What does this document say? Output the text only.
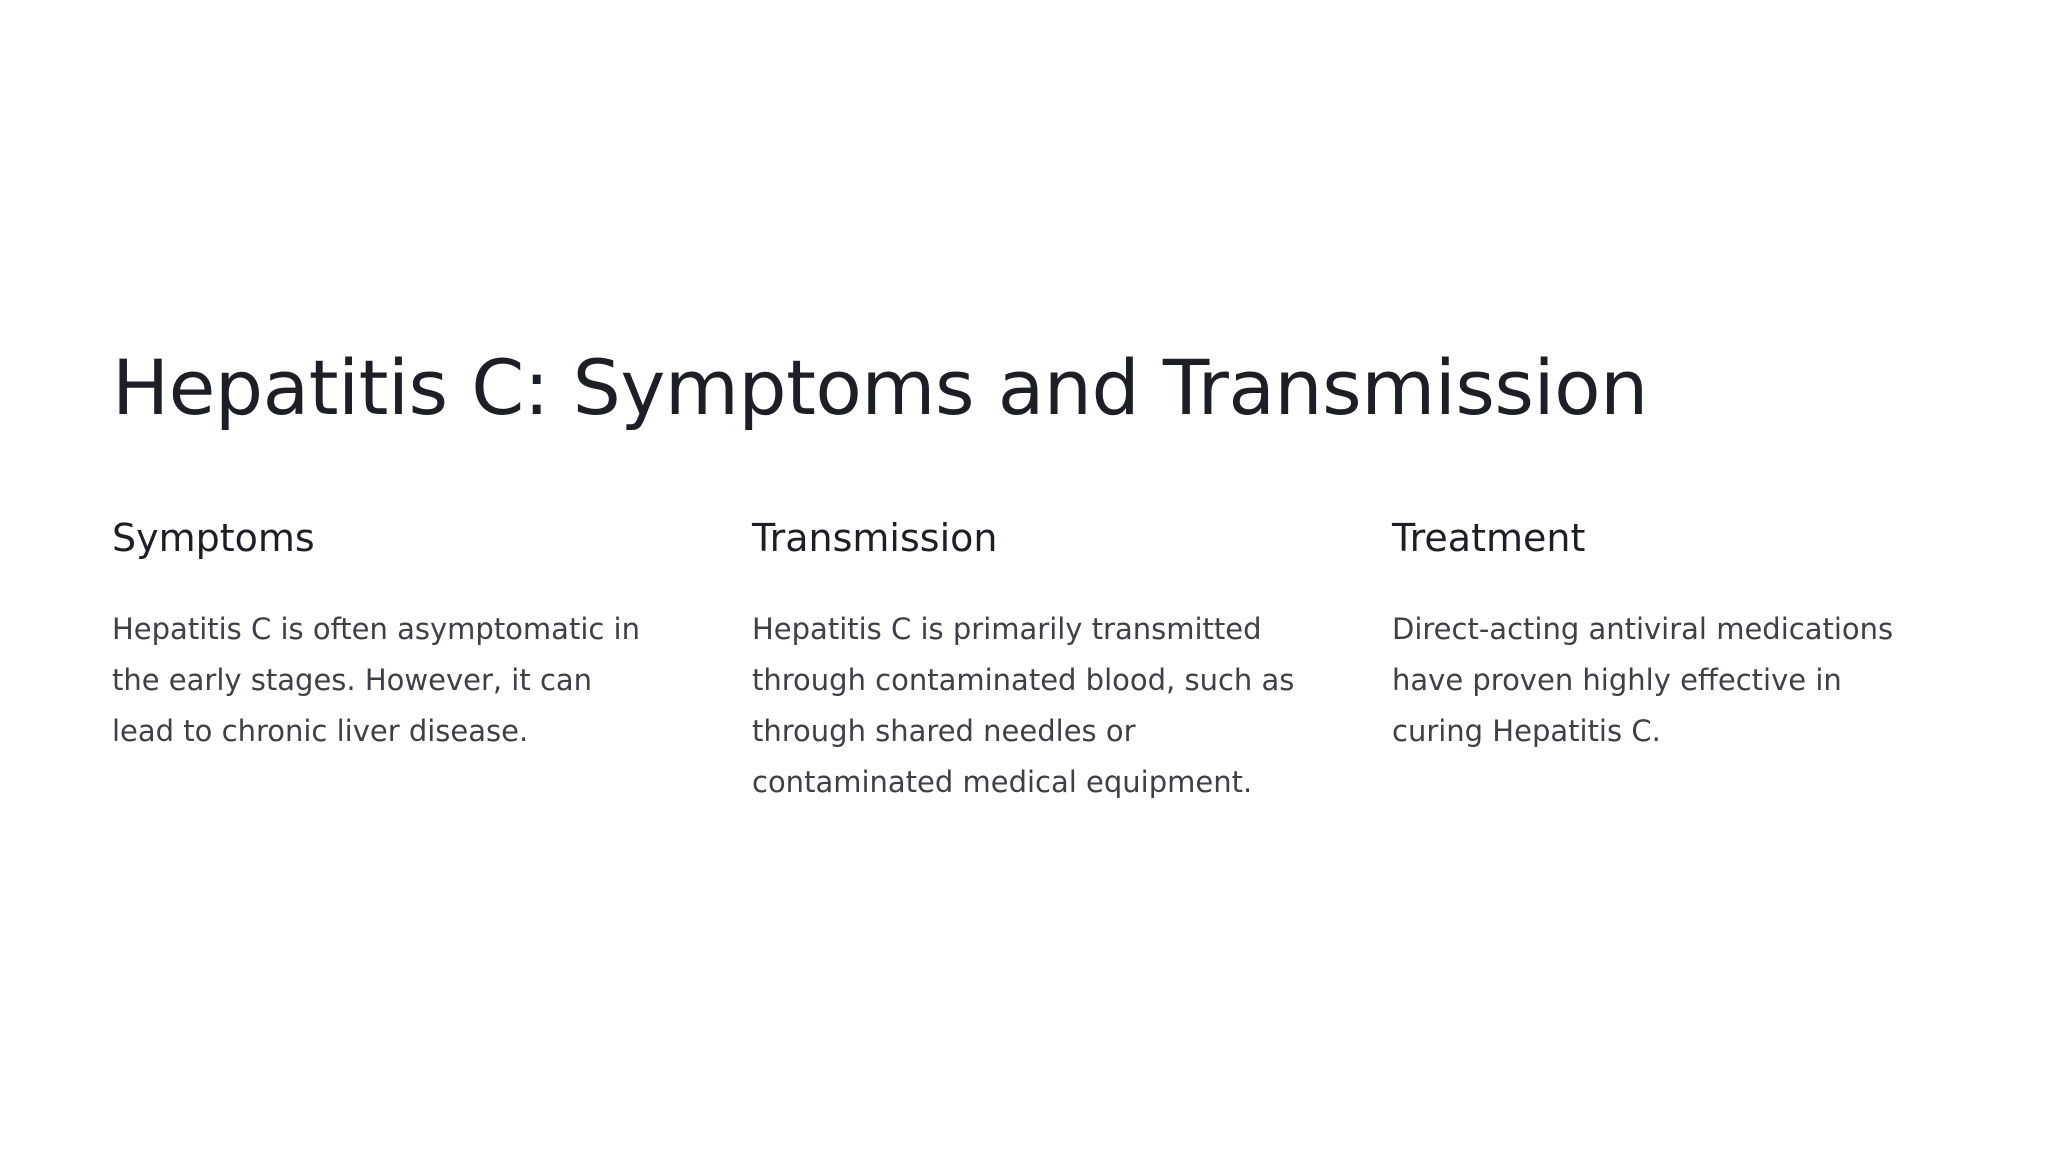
Hepatitis C: Symptoms and Transmission
Symptoms

Hepatitis C is often asymptomatic in the early stages. However, it can lead to chronic liver disease.

Transmission

Hepatitis C is primarily transmitted through contaminated blood, such as through shared needles or contaminated medical equipment.

Treatment

Direct-acting antiviral medications have proven highly effective in curing Hepatitis C.
